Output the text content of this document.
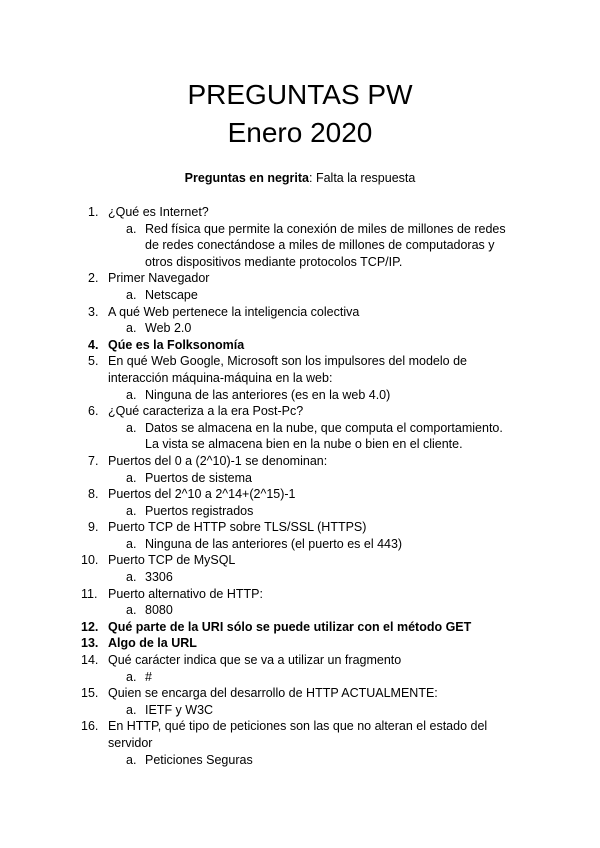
PREGUNTAS PW
Enero 2020
Preguntas en negrita: Falta la respuesta
1. ¿Qué es Internet?
a. Red física que permite la conexión de miles de millones de redes de redes conectándose a miles de millones de computadoras y otros dispositivos mediante protocolos TCP/IP.
2. Primer Navegador
a. Netscape
3. A qué Web pertenece la inteligencia colectiva
a. Web 2.0
4. Qúe es la Folksonomía
5. En qué Web Google, Microsoft son los impulsores del modelo de interacción máquina-máquina en la web:
a. Ninguna de las anteriores (es en la web 4.0)
6. ¿Qué caracteriza a la era Post-Pc?
a. Datos se almacena en la nube, que computa el comportamiento. La vista se almacena bien en la nube o bien en el cliente.
7. Puertos del 0 a (2^10)-1 se denominan:
a. Puertos de sistema
8. Puertos del 2^10 a 2^14+(2^15)-1
a. Puertos registrados
9. Puerto TCP de HTTP sobre TLS/SSL (HTTPS)
a. Ninguna de las anteriores (el puerto es el 443)
10. Puerto TCP de MySQL
a. 3306
11. Puerto alternativo de HTTP:
a. 8080
12. Qué parte de la URI sólo se puede utilizar con el método GET
13. Algo de la URL
14. Qué carácter indica que se va a utilizar un fragmento
a. #
15. Quien se encarga del desarrollo de HTTP ACTUALMENTE:
a. IETF y W3C
16. En HTTP, qué tipo de peticiones son las que no alteran el estado del servidor
a. Peticiones Seguras
